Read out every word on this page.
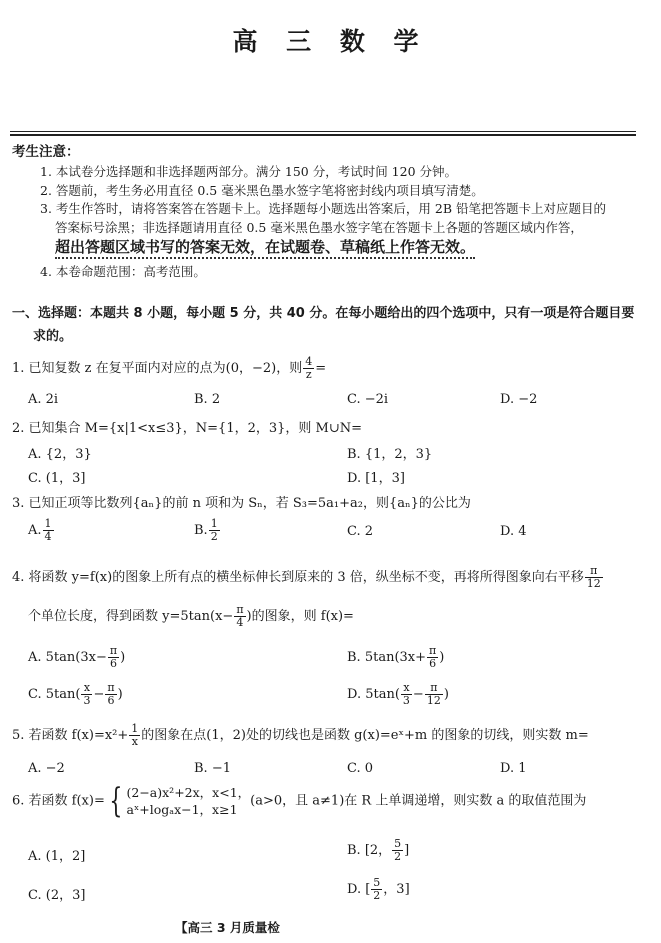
高 三 数 学
考生注意：
1. 本试卷分选择题和非选择题两部分。满分 150 分，考试时间 120 分钟。
2. 答题前，考生务必用直径 0.5 毫米黑色墨水签字笔将密封线内项目填写清楚。
3. 考生作答时，请将答案答在答题卡上。选择题每小题选出答案后，用 2B 铅笔把答题卡上对应题目的
答案标号涂黑；非选择题请用直径 0.5 毫米黑色墨水签字笔在答题卡上各题的答题区域内作答，
超出答题区域书写的答案无效，在试题卷、草稿纸上作答无效。
4. 本卷命题范围：高考范围。
一、选择题：本题共 8 小题，每小题 5 分，共 40 分。在每小题给出的四个选项中，只有一项是符合题目要
求的。
1. 已知复数 z 在复平面内对应的点为(0，−2)，则 $\frac{4}{z}$ =
A. 2i	B. 2	C. −2i	D. −2
2. 已知集合 M={x|1<x≤3}，N={1，2，3}，则 M∪N=
A. {2，3}	B. {1，2，3}
C. (1，3]	D. [1，3]
3. 已知正项等比数列{aₙ}的前 n 项和为 Sₙ，若 S₃=5a₁+a₂，则{aₙ}的公比为
A. $\frac{1}{4}$	B. $\frac{1}{2}$	C. 2	D. 4
4. 将函数 y=f(x)的图象上所有点的横坐标伸长到原来的 3 倍，纵坐标不变，再将所得图象向右平移 $\frac{\pi}{12}$
个单位长度，得到函数 $y=5\tan(x- \frac{\pi}{4}$ )的图象，则 f(x)=
A. $5\tan(3x- \frac{\pi}{6}$ )	B. $5\tan(3x+ \frac{\pi}{6}$ )
C. $5\tan( \frac{x}{3} - \frac{\pi}{6}$ )	D. $5\tan( \frac{x}{3} - \frac{\pi}{12}$ )
5. 若函数 $f(x)=x^2+ \frac{1}{x}$ 的图象在点(1，2)处的切线也是函数 g(x)=eˣ+m 的图象的切线，则实数 m=
A. −2	B. −1	C. 0	D. 1
6. 若函数 f(x)= { (2−a)x²+2x，x<1，
aˣ+logₐx−1，x≥1(a>0，且 a≠1)在 R 上单调递增，则实数 a 的取值范围为
A. (1，2]	B. [2， $\frac{5}{2}$ ]
C. (2，3]	D. [ $\frac{5}{2}$ ，3]
【高三 3 月质量检
